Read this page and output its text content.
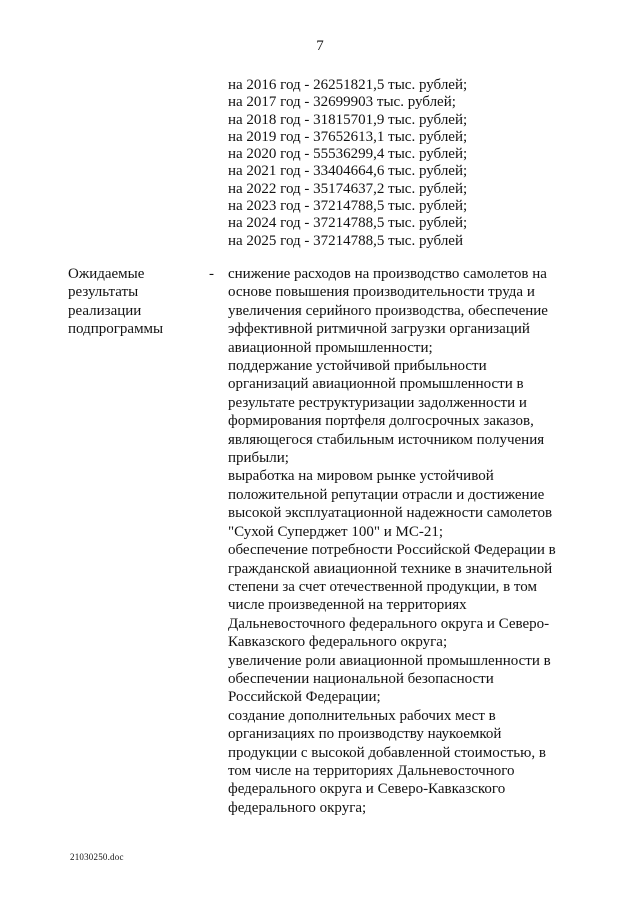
7
на 2016 год - 26251821,5 тыс. рублей;
на 2017 год - 32699903 тыс. рублей;
на 2018 год - 31815701,9 тыс. рублей;
на 2019 год - 37652613,1 тыс. рублей;
на 2020 год - 55536299,4 тыс. рублей;
на 2021 год - 33404664,6 тыс. рублей;
на 2022 год - 35174637,2 тыс. рублей;
на 2023 год - 37214788,5 тыс. рублей;
на 2024 год - 37214788,5 тыс. рублей;
на 2025 год - 37214788,5 тыс. рублей
Ожидаемые результаты реализации подпрограммы
- снижение расходов на производство самолетов на основе повышения производительности труда и увеличения серийного производства, обеспечение эффективной ритмичной загрузки организаций авиационной промышленности;
поддержание устойчивой прибыльности организаций авиационной промышленности в результате реструктуризации задолженности и формирования портфеля долгосрочных заказов, являющегося стабильным источником получения прибыли;
выработка на мировом рынке устойчивой положительной репутации отрасли и достижение высокой эксплуатационной надежности самолетов "Сухой Суперджет 100" и МС-21;
обеспечение потребности Российской Федерации в гражданской авиационной технике в значительной степени за счет отечественной продукции, в том числе произведенной на территориях Дальневосточного федерального округа и Северо-Кавказского федерального округа;
увеличение роли авиационной промышленности в обеспечении национальной безопасности Российской Федерации;
создание дополнительных рабочих мест в организациях по производству наукоемкой продукции с высокой добавленной стоимостью, в том числе на территориях Дальневосточного федерального округа и Северо-Кавказского федерального округа;
21030250.doc
